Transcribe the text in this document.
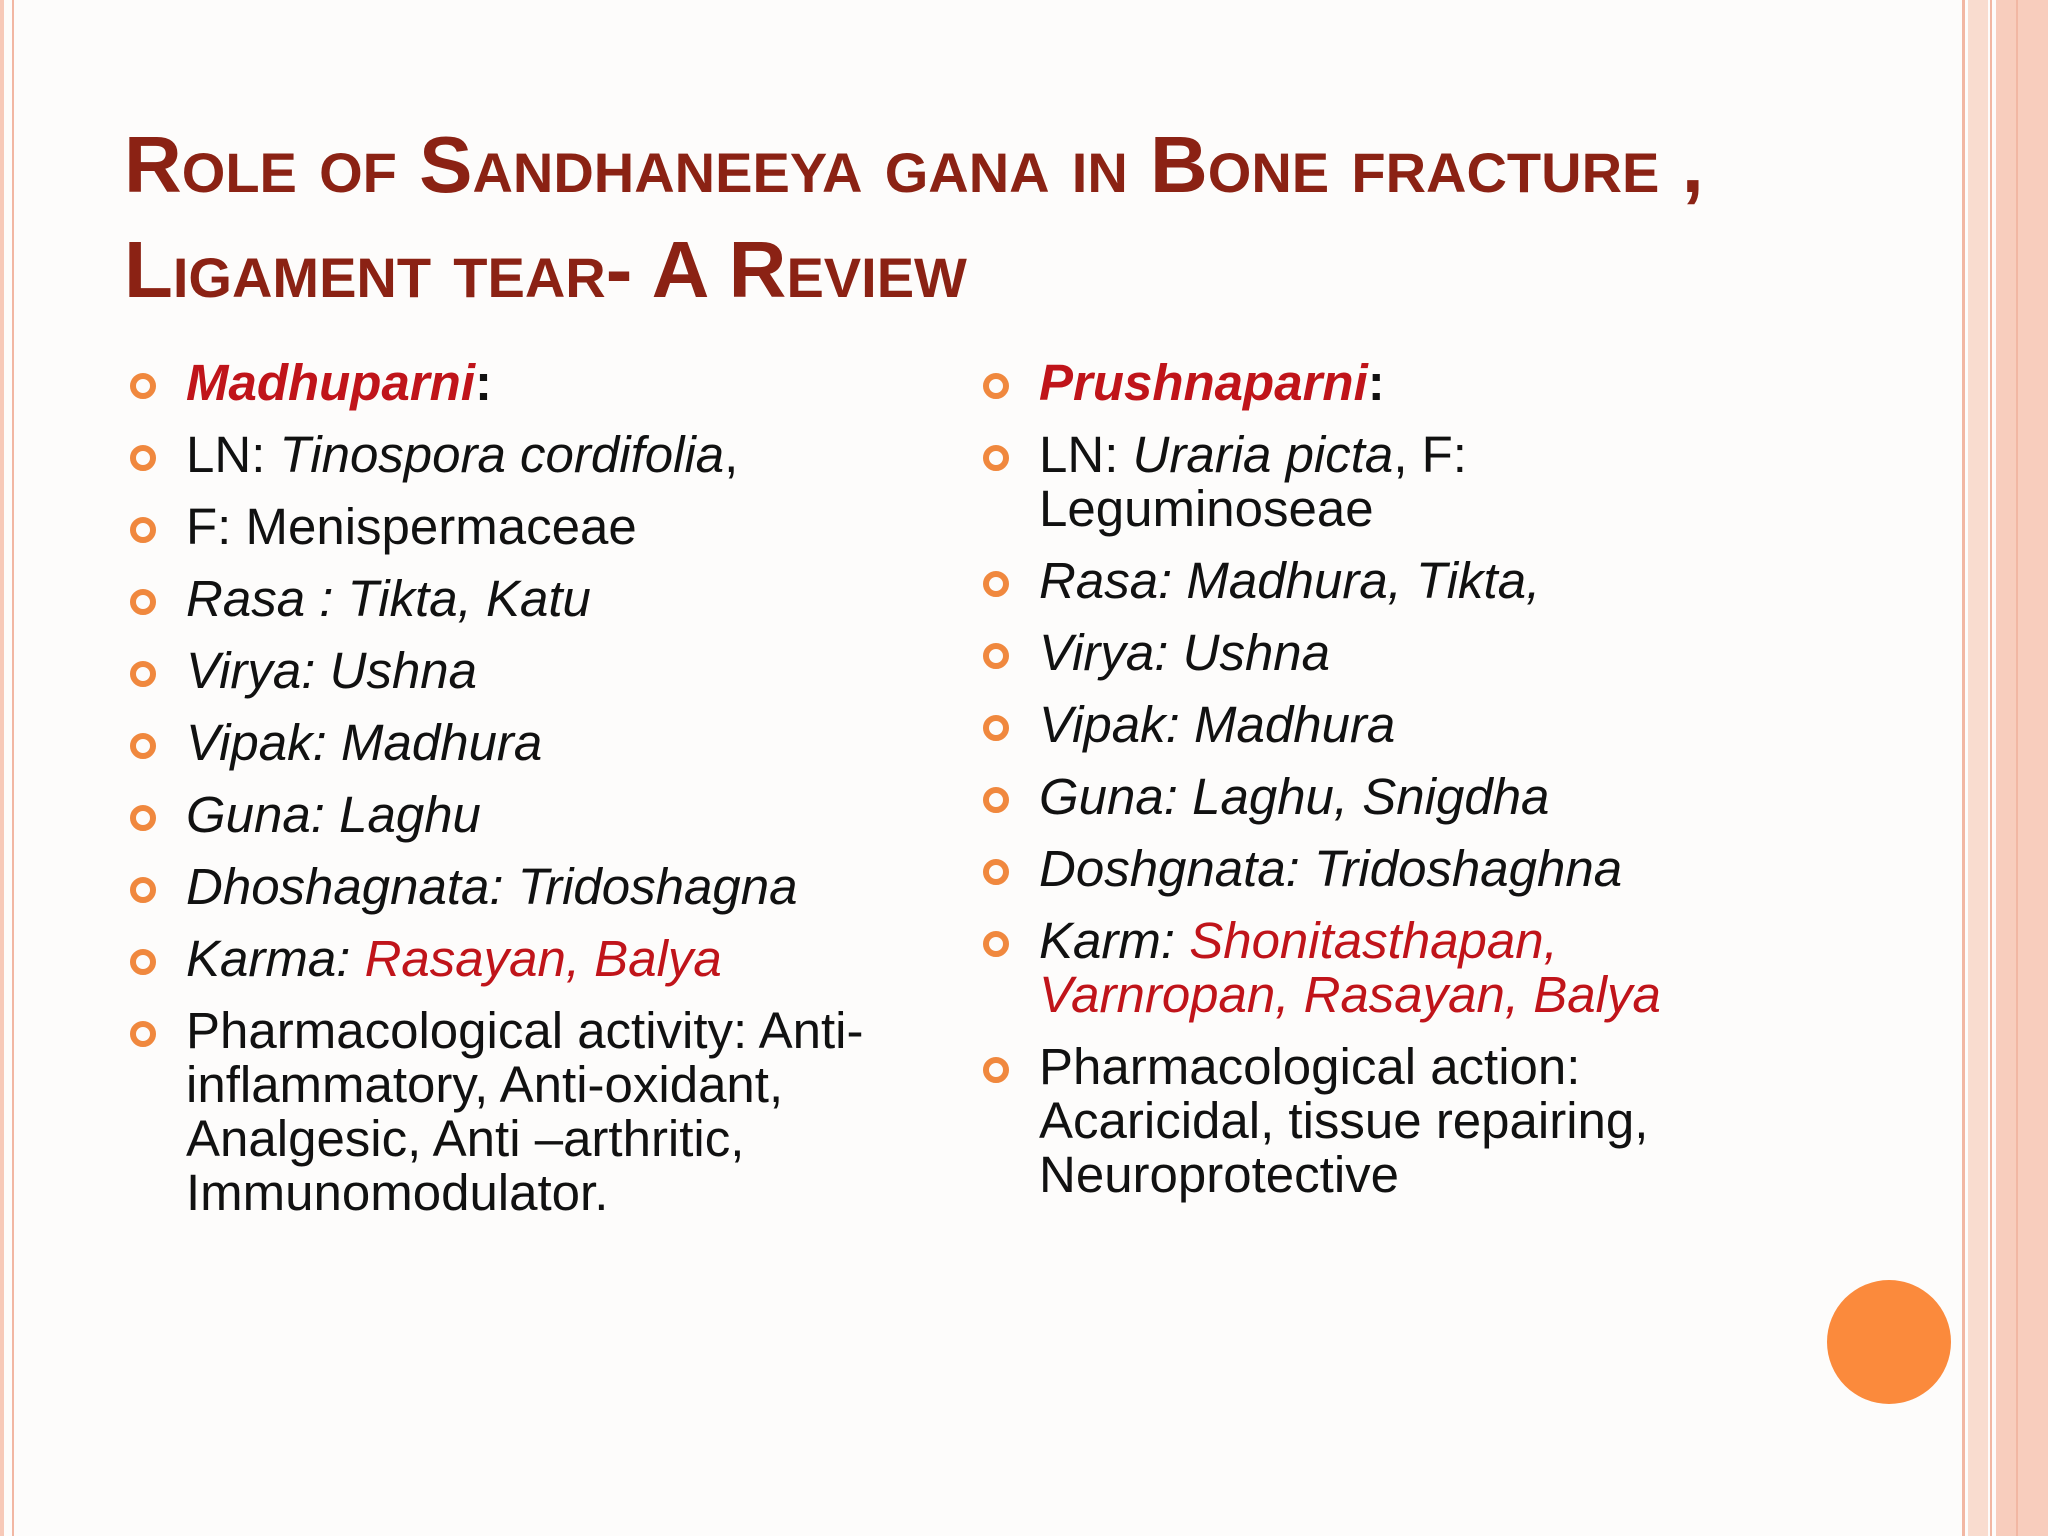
Role of Sandhaneeya gana in Bone fracture , Ligament tear- A Review
Madhuparni:
LN: Tinospora cordifolia,
F: Menispermaceae
Rasa : Tikta, Katu
Virya: Ushna
Vipak: Madhura
Guna: Laghu
Dhoshagnata: Tridoshagna
Karma: Rasayan, Balya
Pharmacological activity: Anti-inflammatory, Anti-oxidant, Analgesic, Anti –arthritic, Immunomodulator.
Prushnaparni:
LN: Uraria picta, F: Leguminoseae
Rasa: Madhura, Tikta,
Virya: Ushna
Vipak: Madhura
Guna: Laghu, Snigdha
Doshgnata: Tridoshaghna
Karm: Shonitasthapan, Varnropan, Rasayan, Balya
Pharmacological action: Acaricidal, tissue repairing, Neuroprotective
